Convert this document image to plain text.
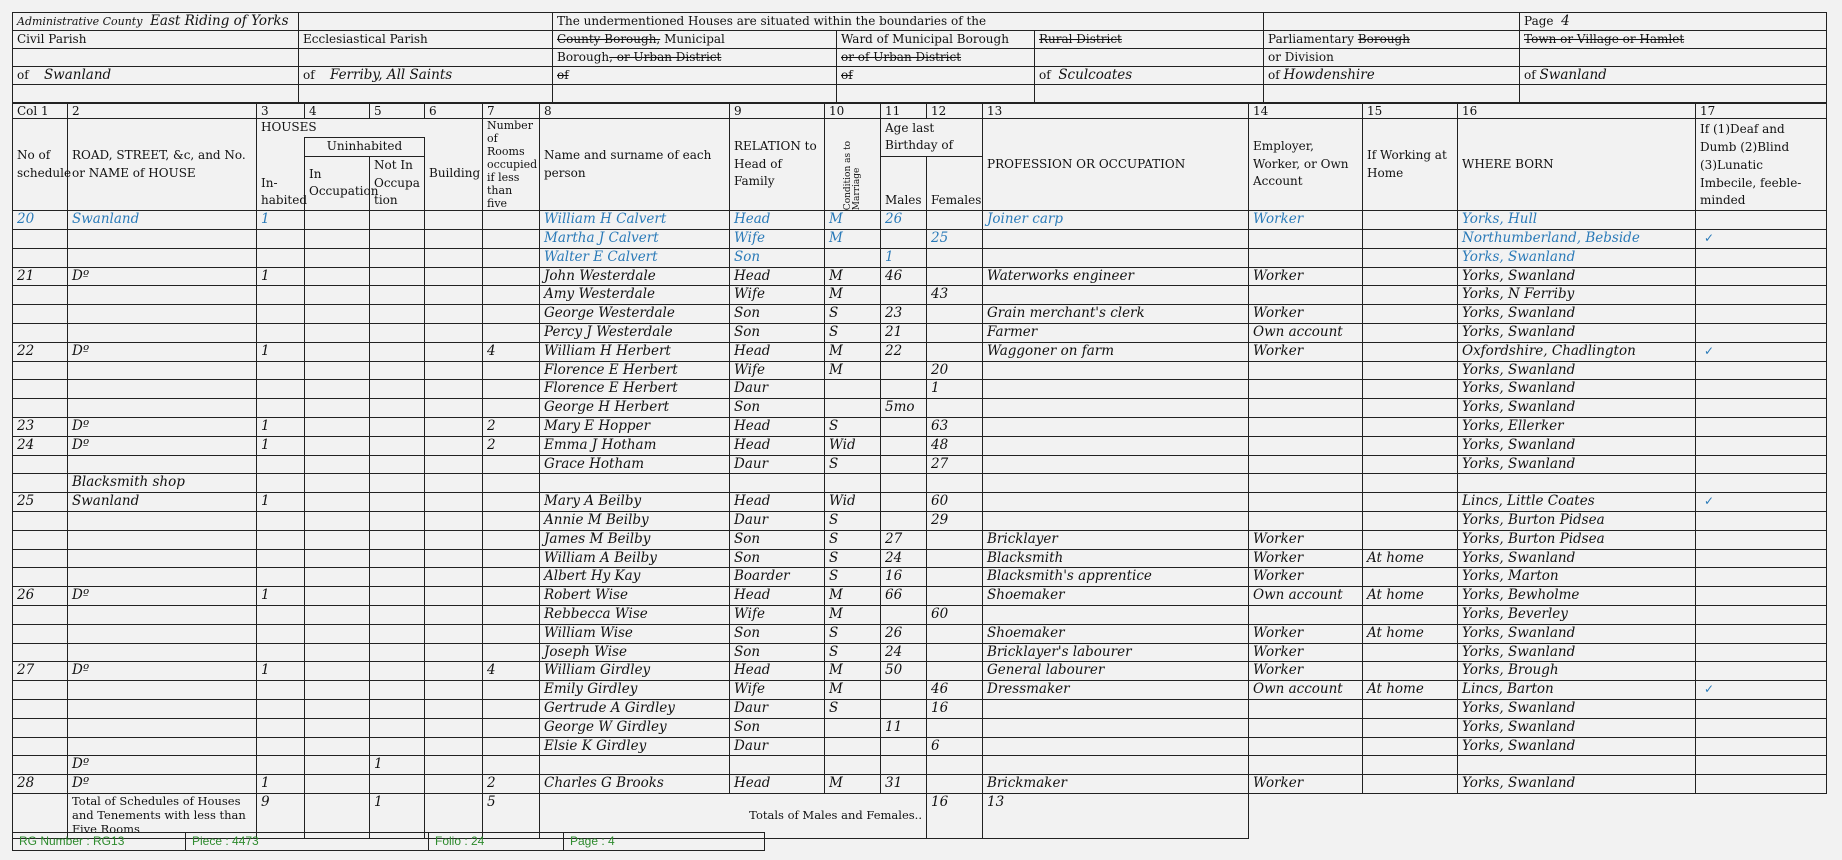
Administrative County East Riding of Yorks		The undermentioned Houses are situated within the boundaries of the				Page 4
Civil Parish	Ecclesiastical Parish	County Borough, Municipal	Ward of Municipal Borough	Rural District	Parliamentary Borough	Town or Village or Hamlet
		Borough, or Urban District	or of Urban District		or Division	
of Swanland	of Ferriby, All Saints	of	of	of Sculcoates	of Howdenshire	of Swanland

Col 1	2	3	4	5	6	7	8	9	10	11	12	13	14	15	16	17
No of schedule	ROAD, STREET, &c, and No. or NAME of HOUSE	HOUSES				Number of Rooms occupied if less than five	Name and surname of each person	RELATION to Head of Family	Condition as to Marriage	Age last Birthday of		PROFESSION OR OCCUPATION	Employer, Worker, or Own Account	If Working at Home	WHERE BORN	If (1)Deaf and Dumb (2)Blind (3)Lunatic Imbecile, feeble-minded
		In-habited	Uninhabited		Building											
			In Occupation	Not In Occupa tion						Males	Females					
20	Swanland	1					William H Calvert	Head	M	26		Joiner carp	Worker		Yorks, Hull	
							Martha J Calvert	Wife	M		25				Northumberland, Bebside	✓
							Walter E Calvert	Son		1					Yorks, Swanland	
21	Dº	1					John Westerdale	Head	M	46		Waterworks engineer	Worker		Yorks, Swanland	
							Amy Westerdale	Wife	M		43				Yorks, N Ferriby	
							George Westerdale	Son	S	23		Grain merchant's clerk	Worker		Yorks, Swanland	
							Percy J Westerdale	Son	S	21		Farmer	Own account		Yorks, Swanland	
22	Dº	1				4	William H Herbert	Head	M	22		Waggoner on farm	Worker		Oxfordshire, Chadlington	✓
							Florence E Herbert	Wife	M		20				Yorks, Swanland	
							Florence E Herbert	Daur			1				Yorks, Swanland	
							George H Herbert	Son		5mo					Yorks, Swanland	
23	Dº	1				2	Mary E Hopper	Head	S		63				Yorks, Ellerker	
24	Dº	1				2	Emma J Hotham	Head	Wid		48				Yorks, Swanland	
							Grace Hotham	Daur	S		27				Yorks, Swanland	
	Blacksmith shop															
25	Swanland	1					Mary A Beilby	Head	Wid		60				Lincs, Little Coates	✓
							Annie M Beilby	Daur	S		29				Yorks, Burton Pidsea	
							James M Beilby	Son	S	27		Bricklayer	Worker		Yorks, Burton Pidsea	
							William A Beilby	Son	S	24		Blacksmith	Worker	At home	Yorks, Swanland	
							Albert Hy Kay	Boarder	S	16		Blacksmith's apprentice	Worker		Yorks, Marton	
26	Dº	1					Robert Wise	Head	M	66		Shoemaker	Own account	At home	Yorks, Bewholme	
							Rebbecca Wise	Wife	M		60				Yorks, Beverley	
							William Wise	Son	S	26		Shoemaker	Worker	At home	Yorks, Swanland	
							Joseph Wise	Son	S	24		Bricklayer's labourer	Worker		Yorks, Swanland	
27	Dº	1				4	William Girdley	Head	M	50		General labourer	Worker		Yorks, Brough	
							Emily Girdley	Wife	M		46	Dressmaker	Own account	At home	Lincs, Barton	✓
							Gertrude A Girdley	Daur	S		16				Yorks, Swanland	
							George W Girdley	Son		11					Yorks, Swanland	
							Elsie K Girdley	Daur			6				Yorks, Swanland	
	Dº			1												
28	Dº	1				2	Charles G Brooks	Head	M	31		Brickmaker	Worker		Yorks, Swanland	
	Total of Schedules of Houses and Tenements with less than Five Rooms	9		1		5	Totals of Males and Females..				16	13				
RG Number : RG13	Piece : 4473	Folio : 24	Page : 4
